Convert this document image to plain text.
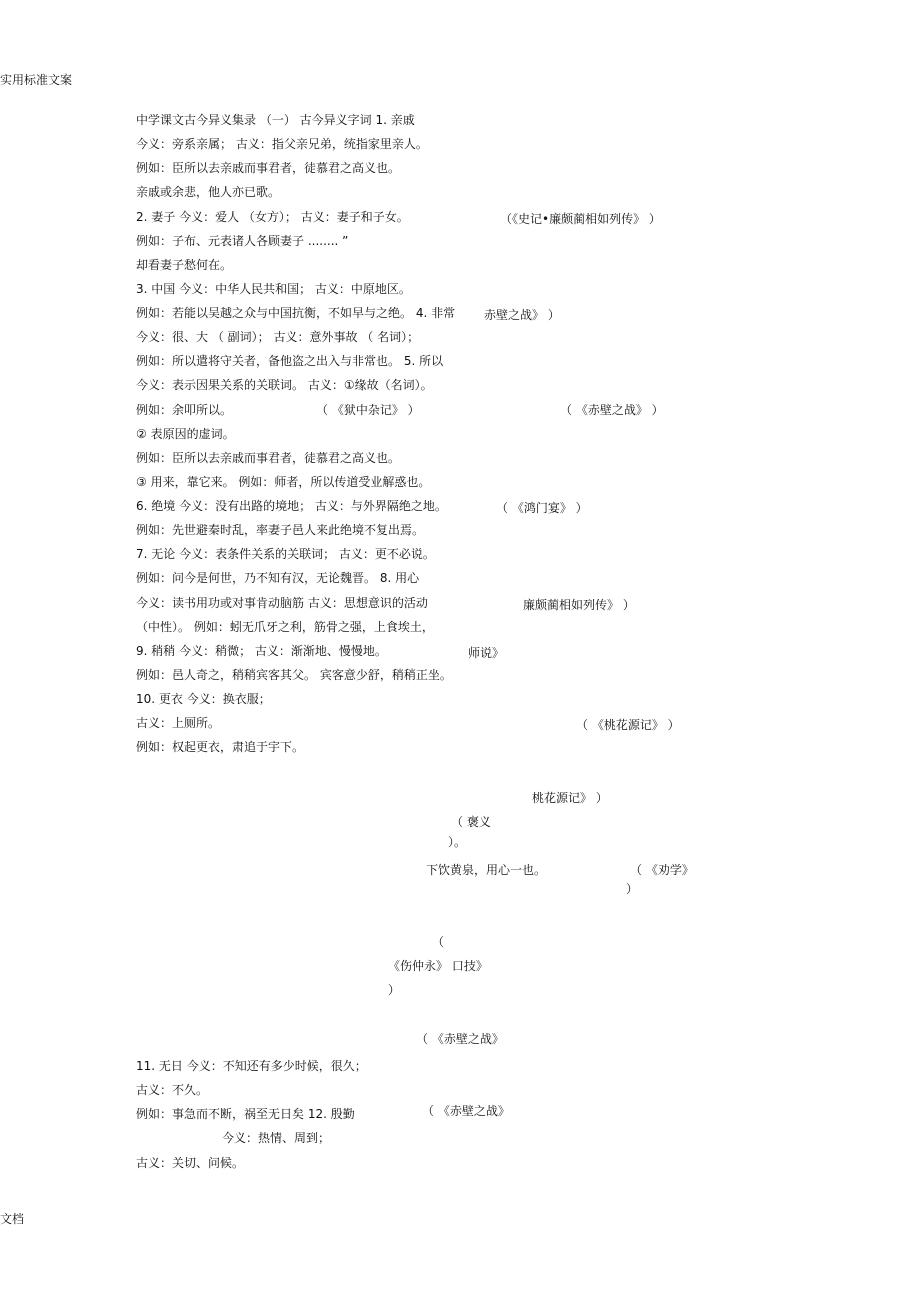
实用标准文案
中学课文古今异义集录 （一） 古今异义字词 1. 亲戚
今义：旁系亲属； 古义：指父亲兄弟，统指家里亲人。
例如：臣所以去亲戚而事君者，徒慕君之高义也。
亲戚或余悲，他人亦已歌。
2. 妻子 今义：爱人 （女方）； 古义：妻子和子女。	（《史记•廉颇蔺相如列传》 ）
例如：子布、元表诸人各顾妻子 ........ ”
却看妻子愁何在。
3. 中国 今义：中华人民共和国； 古义：中原地区。
例如：若能以吴越之众与中国抗衡，不如早与之绝。 4. 非常 赤壁之战》 ）
今义：很、大 （ 副词）； 古义：意外事故 （ 名词）；
例如：所以遣将守关者，备他盗之出入与非常也。 5. 所以
今义：表示因果关系的关联词。 古义：①缘故（名词）。
例如：余叩所以。	（ 《狱中杂记》 ）	（ 《赤壁之战》 ）
② 表原因的虚词。
例如：臣所以去亲戚而事君者，徒慕君之高义也。
③ 用来，靠它来。 例如：师者，所以传道受业解惑也。
6. 绝境 今义：没有出路的境地； 古义：与外界隔绝之地。	（ 《鸿门宴》 ）
例如：先世避秦时乱，率妻子邑人来此绝境不复出焉。
7. 无论 今义：表条件关系的关联词； 古义：更不必说。
例如：问今是何世，乃不知有汉，无论魏晋。 8. 用心
今义：读书用功或对事肯动脑筋 古义：思想意识的活动	廉颇蔺相如列传》 ）
（中性）。 例如：蚓无爪牙之利，筋骨之强，上食埃土，
9. 稍稍 今义：稍微； 古义：渐渐地、慢慢地。	师说》
例如：邑人奇之，稍稍宾客其父。 宾客意少舒，稍稍正坐。
10. 更衣 今义：换衣服；
古义：上厕所。	（ 《桃花源记》 ）
例如：权起更衣，肃追于宇下。
桃花源记》 ）
（ 褒义
）。
下饮黄泉，用心一也。	（ 《劝学》
）
（
《伤仲永》 口技》
）
（ 《赤壁之战》
11. 无日 今义：不知还有多少时候，很久；
古义：不久。
例如：事急而不断，祸至无日矣 12. 殷勤	（ 《赤壁之战》
今义：热情、周到；
古义：关切、问候。
文档
